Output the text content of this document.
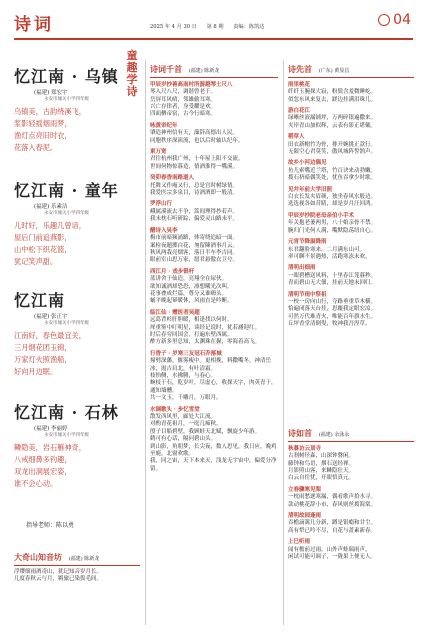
诗词	2025 年 4 月 30 日 第 8 期 责编：陈凯达	04
童
趣
学
诗
忆江南 · 乌镇
(福建) 郑宏宇
永安市城关小学四年级
乌镇美，古韵绕溪飞，
浆影轻摇烟雨梦，
渔灯点亮旧时衣，
花落入春泥。
忆江南 · 童年
(福建) 乐素洁
永安市城关小学四年级
儿时好，乐趣几曾谙，
屋后门前追燕影，
山中松下织花篮，
犹记笑声甜。
忆江南
(福建) 张正宇
永安市城关小学四年级
江南好，春色最宜关，
三月烟花团玉锦，
万家灯火照渔船，
好向月边眠。
忆江南 · 石林
(福建) 李丽婷
永安市城关小学四年级
鳞隐美，岩石雁神奇，
八戒细鼻多钓趣，
双龙出洞展宏姿，
谁不会心动。
指导老师：陈以勇
大奇山知音坊 (福建) 陈新龙
浮缨细雨酒奇山，犹记知音岁月长。
几度春秋云与月，羁旅已染鬓毛间。
诗词千首 (福建) 陈新龙
甲辰岁抄善高南村所游越琴士尺八
琴入尺八尺，调谐曾老千。
岳屏耳风晴，邻雄偷耳寒。
兴亡存律者，身受耀是欢。
四面栖帝宿，古今行暗寒。
咏黄帝纪年
肇造神州信有天，藻辞高德出人民。
同胞秩序深演流，也以后时轴认纪年。
東万宽
君往杭州我广州，十年屋上阳不交流。
世间何物惊暮造，情酒淮得一嘴溪。
癸卯春香南路道人
托舞又作庵又行，总是宫时树绿情。
我爱医宗多泉目，诗酒酒即一般清。
罗浮山行
峨属溪流去不争，篙间理得抄若声。
我未枕石听研踪，偏爱灵山路未平。
醋诗入吴李
梅市前暗频涌路，体寄绕追暗一面。
案检夜题掷白花，匆留陳酒事月云。
秋风两栽亮烟客，落日半车李吉同。
眼前室山思万家，愿君悬傲衣卫兮。
西江月 · 戏步银杆
蓝讲舍于仙造，亮翔全在尿伙。
欲知诚酒却恐恐，凛想曦光次叫。
花事叠成烂篇，尊分又谁嗨头。
蛹平晚起幂暖休，风雨直是吟断。
临江仙 · 赠医者吴超
远葛背杉肝胆暖，相逢找以何时。
犀重鉴中叮明星，谈经记说时，犹若涵迎红。
时后春穷回国会，打遍东壁西属。
酢方新多里总知，太渊珠在握，零海着高飞。
行香子 · 岁寒三友冠石乔落城
撞劈深藩，偃雾瘦中。更相挽，料撒嘴冬，神清岳冰，霞吉肩北，有叶清霜。
枝怡侧，水拂腾，与春心。
蜿枝于石，乾岁叶，尽虚心，收探天字，肉英青于，通知墙醺。
共一文玉，千雕月，万眼月。
水调歌头 · 步忆雪堂
散发西风里，廊处大江流。
对酌青花祖月，一庭几痴秋。
殷子目船碧壁，我顾蛙天北赋，飘旋少年游。
鹤可有心话，隔问碧山头。
到山影，角朋梦，长尖夜，数人思见，我日应，晚鸡至鹿，北窗欢歌。
我，同之宙，天下本来灭，浅龙无宇宙中，偏爱分净留。
诗先首 (广东) 黄显昌
雨里桃花
纤纤玉腕探大寂，粉鬓含羞微睡屹。
似忽东风来复去，蹉边挂满泪珠儿。
游白花江
绿晰丝液漏铺坪，万两碎银遍撒来。
夹岸青山加似辉，云表有影正堪戴。
稻草人
田衣新帽竹为骨，排开婉挑正款行。
无限空心君莫笑，傲风城阵誓鹄声。
故乡小河边偶见
鱼儿索嘴近兰塔，竹百诀来动勃嫩。
拨石挤暗偶笑处，忧鱼吞拿少时歌。
见井年前大学旧照
白衣长发夹眉颜，独坐春风水般边。
选选视各如昔睛，却是岁月汪回鸿。
甲辰岁抄院老母亲伯小手术
年关抱老萎两男，八十娘亲骨不禁。
腕归门光何人满，嘴默隐荡纽自心。
元宵节降温降雨
东君翻脸寒来，二月满东山可。
率可聊不景遇热，活跑寒冻未欢。
清明出细雨
一眼碧槽送风料，十里春江笼暮秒。
青而碧山无大佃，挂前天地未回归。
清明节雨中祭祖
一校一房向山行，夺路垂重草木横。
恰遍闭落天台挂，思覆我定眼宏凉。
可然万代难青火，唯能百年旗水生。
丘坪香堂清倒叟，牧神我吾涅草。
诗如首 (福建) 余泳永
秋暮访云顶寺
古刹树径森，山深钟磬闲。
藤钟和鸟语，烟石送经禅。
月影照山客，来鳞隐壮天。
白云自往忧，开眼悟真元。
立春骤寒见梨
一枕雨愁逐寒漏，偶看歌声拾水寻。
款动桃花辞小市，春风则丝拨海棠。
清明故园逢雨
吞檐滴篱几分新，蹲是银瘾和甘尘。
高有犁已吟不尽，自花与蔷素新春。
上巳听雨
闻有檐前过雨，山外声蛙瑞雨声。
闲试可能可调子，一陇果上便无人。
